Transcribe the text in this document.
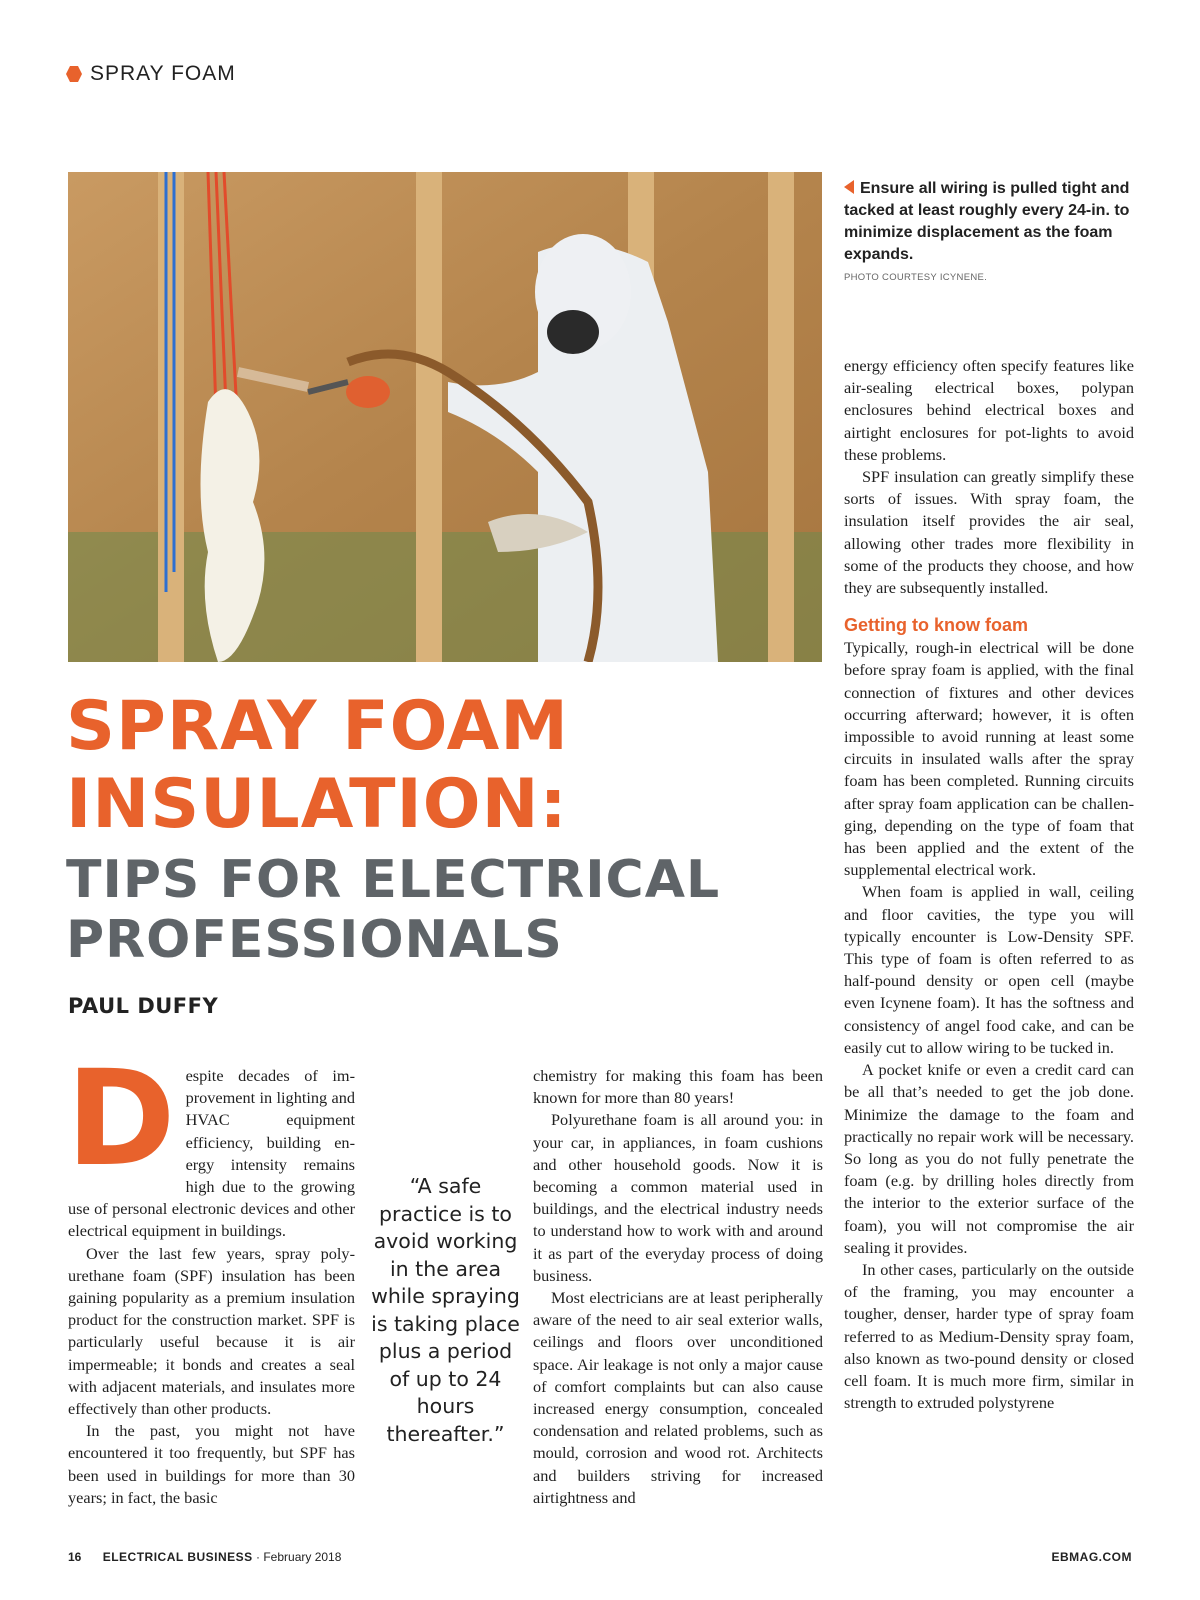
SPRAY FOAM
Ensure all wiring is pulled tight and tacked at least roughly every 24-in. to minimize displacement as the foam expands.
PHOTO COURTESY ICYNENE.
SPRAY FOAM
INSULATION:
TIPS FOR ELECTRICAL
PROFESSIONALS
PAUL DUFFY
D espite decades of improvement in lighting and HVAC equipment efficiency, building energy intensity remains high due to the growing use of personal electronic devices and other electrical equipment in buildings.

Over the last few years, spray polyurethane foam (SPF) insulation has been gaining popularity as a premium insulation product for the construction market. SPF is particularly useful because it is air impermeable; it bonds and creates a seal with adjacent materials, and insulates more effectively than other products.

In the past, you might not have encountered it too frequently, but SPF has been used in buildings for more than 30 years; in fact, the basic

“A safe practice is to avoid working in the area while spraying is taking place plus a period of up to 24 hours thereafter.”

chemistry for making this foam has been known for more than 80 years!

Polyurethane foam is all around you: in your car, in appliances, in foam cushions and other household goods. Now it is becoming a common material used in buildings, and the electrical industry needs to understand how to work with and around it as part of the everyday process of doing business.

Most electricians are at least peripherally aware of the need to air seal exterior walls, ceilings and floors over unconditioned space. Air leakage is not only a major cause of comfort complaints but can also cause increased energy consumption, concealed condensation and related problems, such as mould, corrosion and wood rot. Architects and builders striving for increased airtightness and

energy efficiency often specify features like air-sealing electrical boxes, polypan enclosures behind electrical boxes and airtight enclosures for pot-lights to avoid these problems.

SPF insulation can greatly simplify these sorts of issues. With spray foam, the insulation itself provides the air seal, allowing other trades more flexibility in some of the products they choose, and how they are subsequently installed.

Getting to know foam

Typically, rough-in electrical will be done before spray foam is applied, with the final connection of fixtures and other devices occurring afterward; however, it is often impossible to avoid running at least some circuits in insulated walls after the spray foam has been completed. Running circuits after spray foam application can be challenging, depending on the type of foam that has been applied and the extent of the supplemental electrical work.

When foam is applied in wall, ceiling and floor cavities, the type you will typically encounter is Low-Density SPF. This type of foam is often referred to as half-pound density or open cell (maybe even Icynene foam). It has the softness and consistency of angel food cake, and can be easily cut to allow wiring to be tucked in.

A pocket knife or even a credit card can be all that’s needed to get the job done. Minimize the damage to the foam and practically no repair work will be necessary. So long as you do not fully penetrate the foam (e.g. by drilling holes directly from the interior to the exterior surface of the foam), you will not compromise the air sealing it provides.

In other cases, particularly on the outside of the framing, you may encounter a tougher, denser, harder type of spray foam referred to as Medium-Density spray foam, also known as two-pound density or closed cell foam. It is much more firm, similar in strength to extruded polystyrene

16 ELECTRICAL BUSINESS · February 2018	EBMAG.COM
